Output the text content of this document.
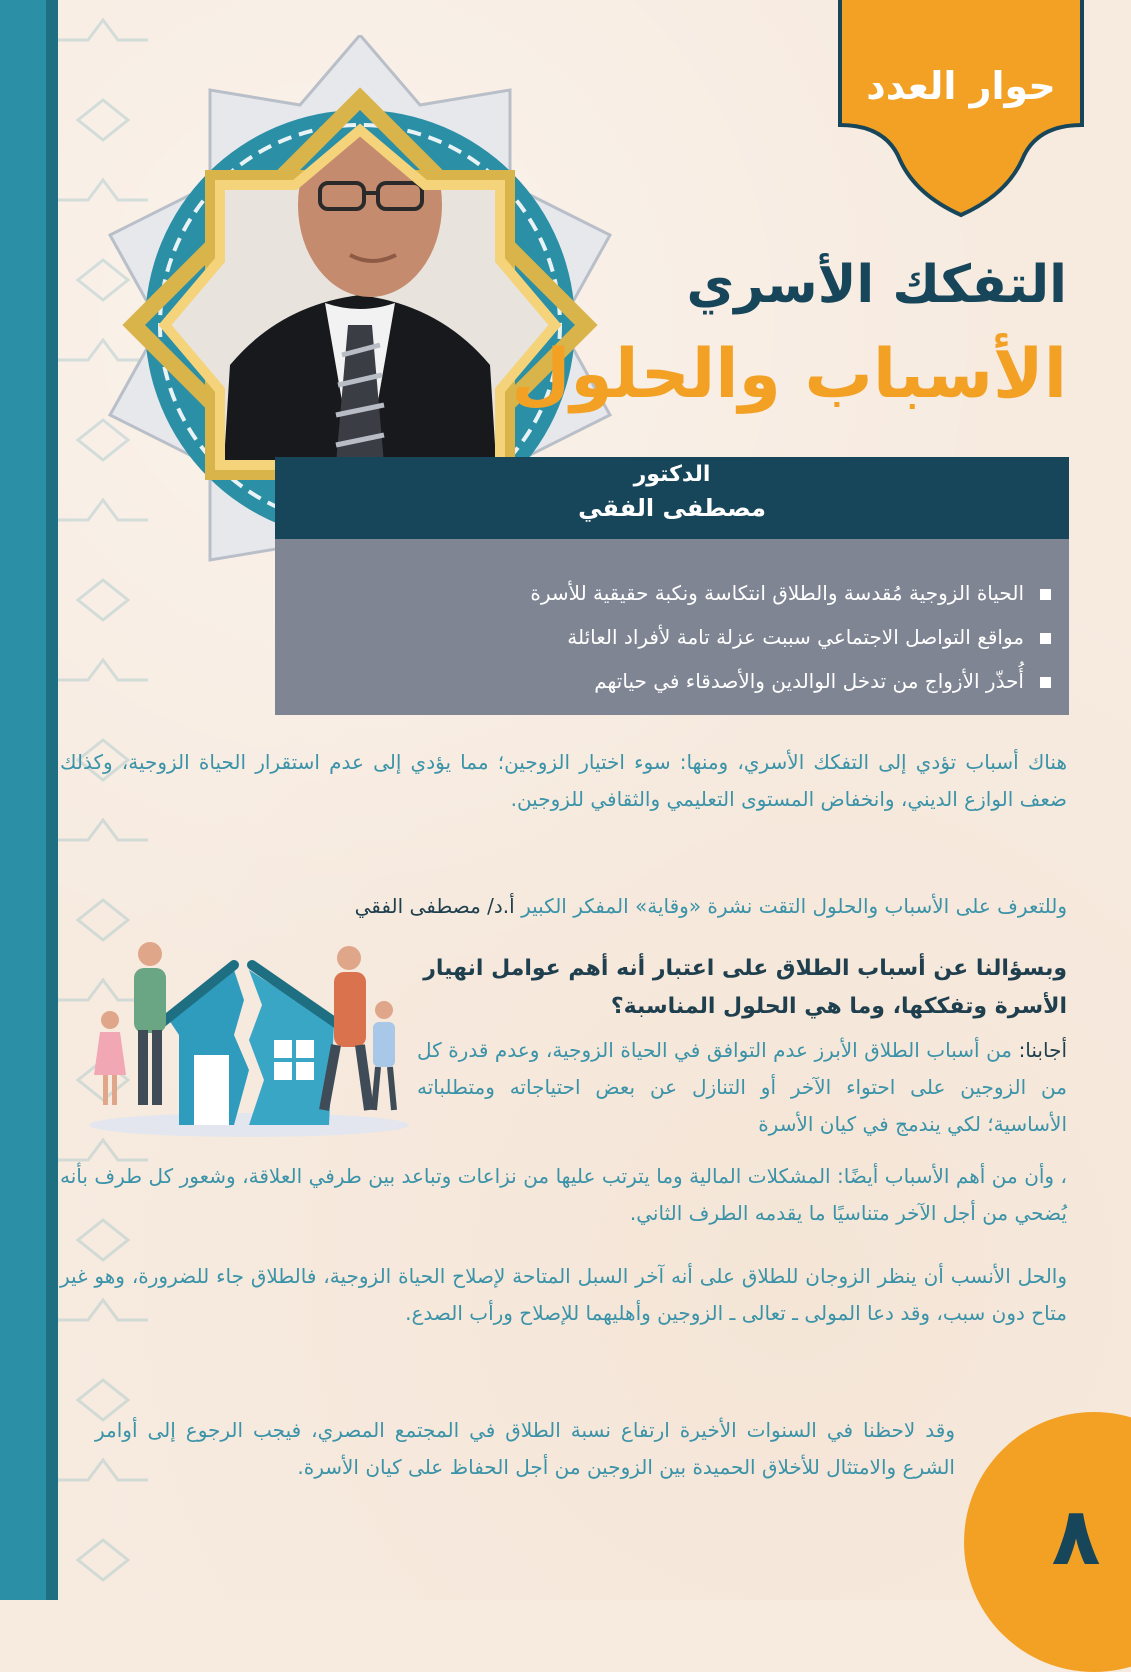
حوار العدد
التفكك الأسري
الأسباب والحلول
الدكتور
مصطفى الفقي
الحياة الزوجية مُقدسة والطلاق انتكاسة ونكبة حقيقية للأسرة
مواقع التواصل الاجتماعي سببت عزلة تامة لأفراد العائلة
أُحذّر الأزواج من تدخل الوالدين والأصدقاء في حياتهم
هناك أسباب تؤدي إلى التفكك الأسري، ومنها: سوء اختيار الزوجين؛ مما يؤدي إلى عدم استقرار الحياة الزوجية، وكذلك ضعف الوازع الديني، وانخفاض المستوى التعليمي والثقافي للزوجين.
وللتعرف على الأسباب والحلول التقت نشرة «وقاية» المفكر الكبير أ.د/ مصطفى الفقي
وبسؤالنا عن أسباب الطلاق على اعتبار أنه أهم عوامل انهيار الأسرة وتفككها، وما هي الحلول المناسبة؟
أجابنا: من أسباب الطلاق الأبرز عدم التوافق في الحياة الزوجية، وعدم قدرة كل من الزوجين على احتواء الآخر أو التنازل عن بعض احتياجاته ومتطلباته الأساسية؛ لكي يندمج في كيان الأسرة
، وأن من أهم الأسباب أيضًا: المشكلات المالية وما يترتب عليها من نزاعات وتباعد بين طرفي العلاقة، وشعور كل طرف بأنه يُضحي من أجل الآخر متناسيًا ما يقدمه الطرف الثاني.
والحل الأنسب أن ينظر الزوجان للطلاق على أنه آخر السبل المتاحة لإصلاح الحياة الزوجية، فالطلاق جاء للضرورة، وهو غير متاح دون سبب، وقد دعا المولى ـ تعالى ـ الزوجين وأهليهما للإصلاح ورأب الصدع.
٨
وقد لاحظنا في السنوات الأخيرة ارتفاع نسبة الطلاق في المجتمع المصري، فيجب الرجوع إلى أوامر الشرع والامتثال للأخلاق الحميدة بين الزوجين من أجل الحفاظ على كيان الأسرة.
